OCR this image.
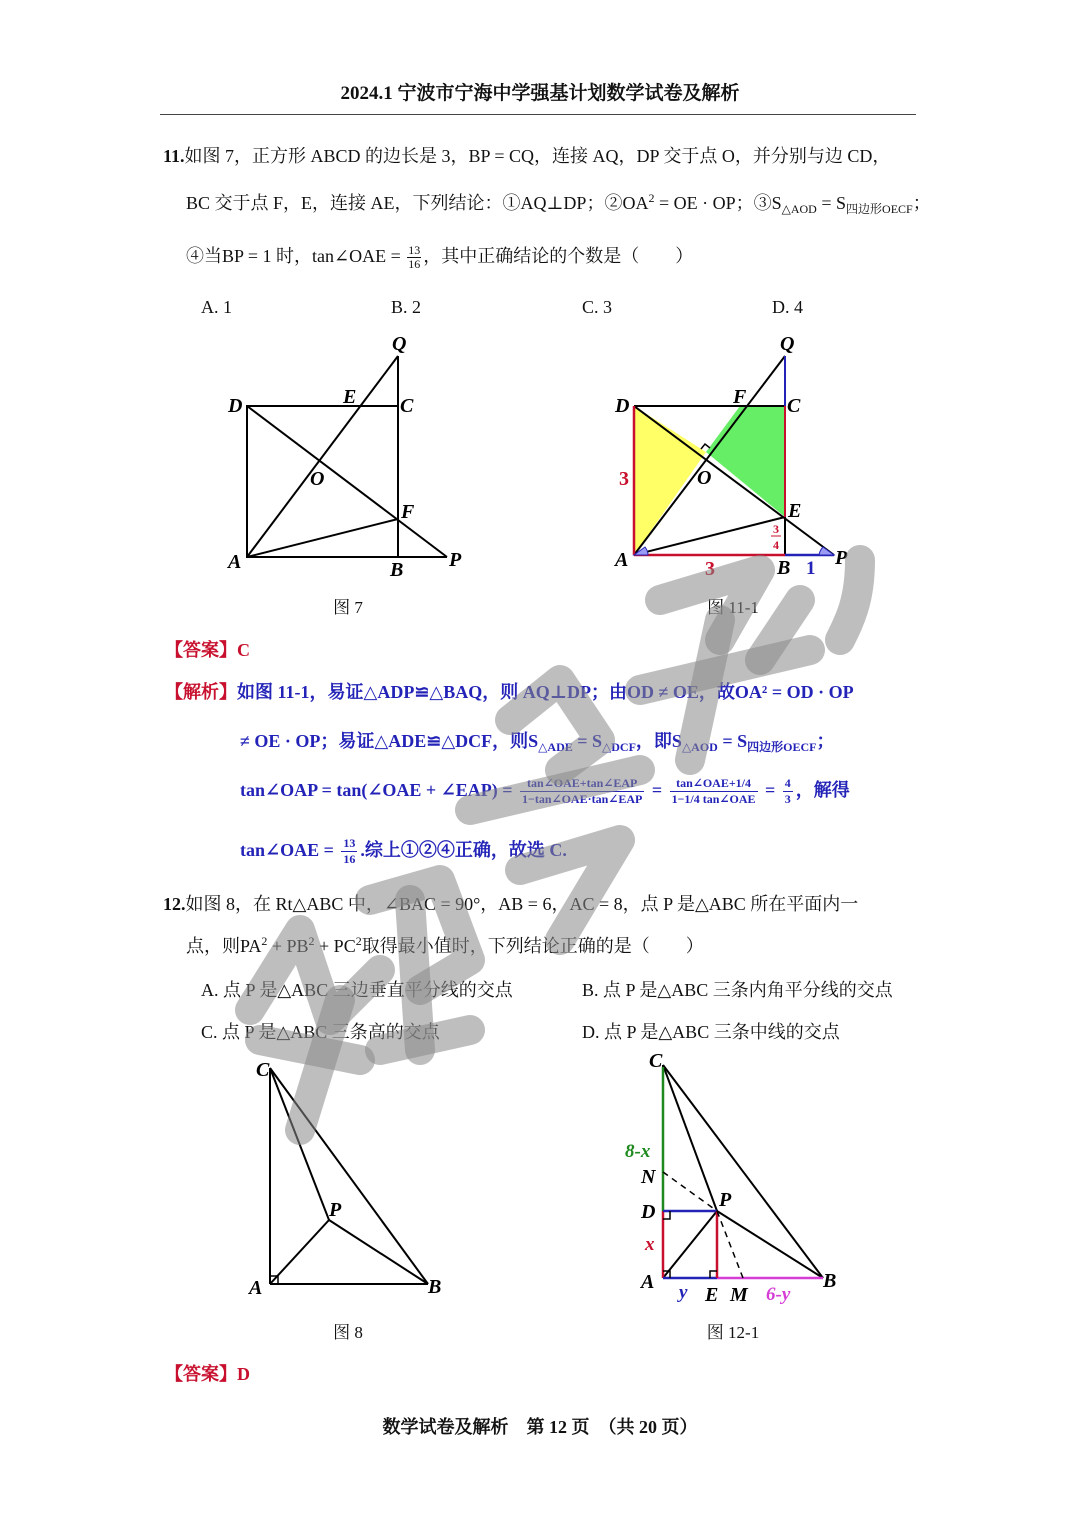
2024.1 宁波市宁海中学强基计划数学试卷及解析
11.如图 7，正方形 ABCD 的边长是 3，BP = CQ，连接 AQ，DP 交于点 O，并分别与边 CD，
BC 交于点 F，E，连接 AE，下列结论：①AQ⊥DP；$②OA^2$ = OE · OP；$③S_{\triangle AOD} = S_{四边形OECF}$；
④当BP = 1 时，tan∠OAE = $\frac{13}{16}$ ，其中正确结论的个数是（　　）
A. 1	B. 2	C. 3	D. 4
Q
D	E C
O
F
A	B P
图 7
Q
D	F C
O
E
A	B P
3
3	1
3
4
图 11-1
【答案】C
【解析】如图 11-1，易证△ADP≌△BAQ，则 AQ⊥DP；由OD ≠ OE，故OA² = OD · OP
≠ OE · OP；易证△ADE≌△DCF，则$S_{\triangle ADE} = S_{\triangle DCF}$，即$S_{\triangle AOD} = S_{四边形OECF}$；
tan∠OAP = tan(∠OAE + ∠EAP) = $\frac{\text{tan∠OAE+tan∠EAP}}{\text{1−tan∠OAE·tan∠EAP}} = \frac{\text{tan∠OAE+1/4}}{\text{1−1/4 tan∠OAE}} = \frac{4}{3}$ ，解得
tan∠OAE = $\frac{13}{16}$ .综上①②④正确，故选 C.
12.如图 8，在 Rt△ABC 中，∠BAC = 90°，AB = 6，AC = 8，点 P 是△ABC 所在平面内一
点，则$PA^2 + PB^2 + PC^2$取得最小值时，下列结论正确的是（　　）
A. 点 P 是△ABC 三边垂直平分线的交点	B. 点 P 是△ABC 三条内角平分线的交点
C. 点 P 是△ABC 三条高的交点	D. 点 P 是△ABC 三条中线的交点
C
P
A	B
图 8
C
8-x
N
D
P
x
A y E M 6-y
B
图 12-1
【答案】D
数学试卷及解析　第 12 页　（共 20 页）
